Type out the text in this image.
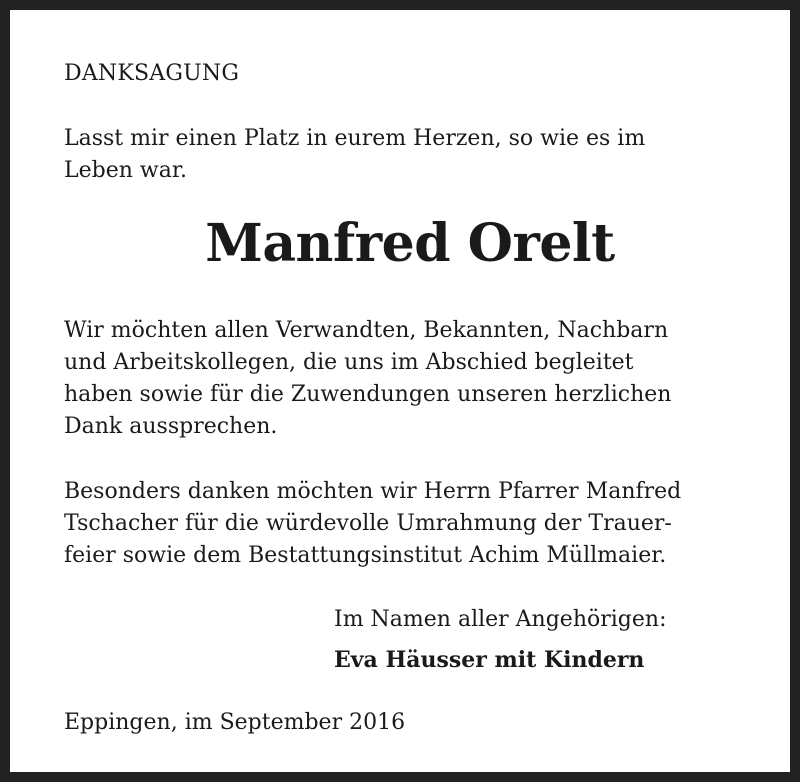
DANKSAGUNG
Lasst mir einen Platz in eurem Herzen, so wie es im
Leben war.
Manfred Orelt
Wir möchten allen Verwandten, Bekannten, Nachbarn
und Arbeitskollegen, die uns im Abschied begleitet
haben sowie für die Zuwendungen unseren herzlichen
Dank aussprechen.
Besonders danken möchten wir Herrn Pfarrer Manfred
Tschacher für die würdevolle Umrahmung der Trauer-
feier sowie dem Bestattungsinstitut Achim Müllmaier.
Im Namen aller Angehörigen:
Eva Häusser mit Kindern
Eppingen, im September 2016
